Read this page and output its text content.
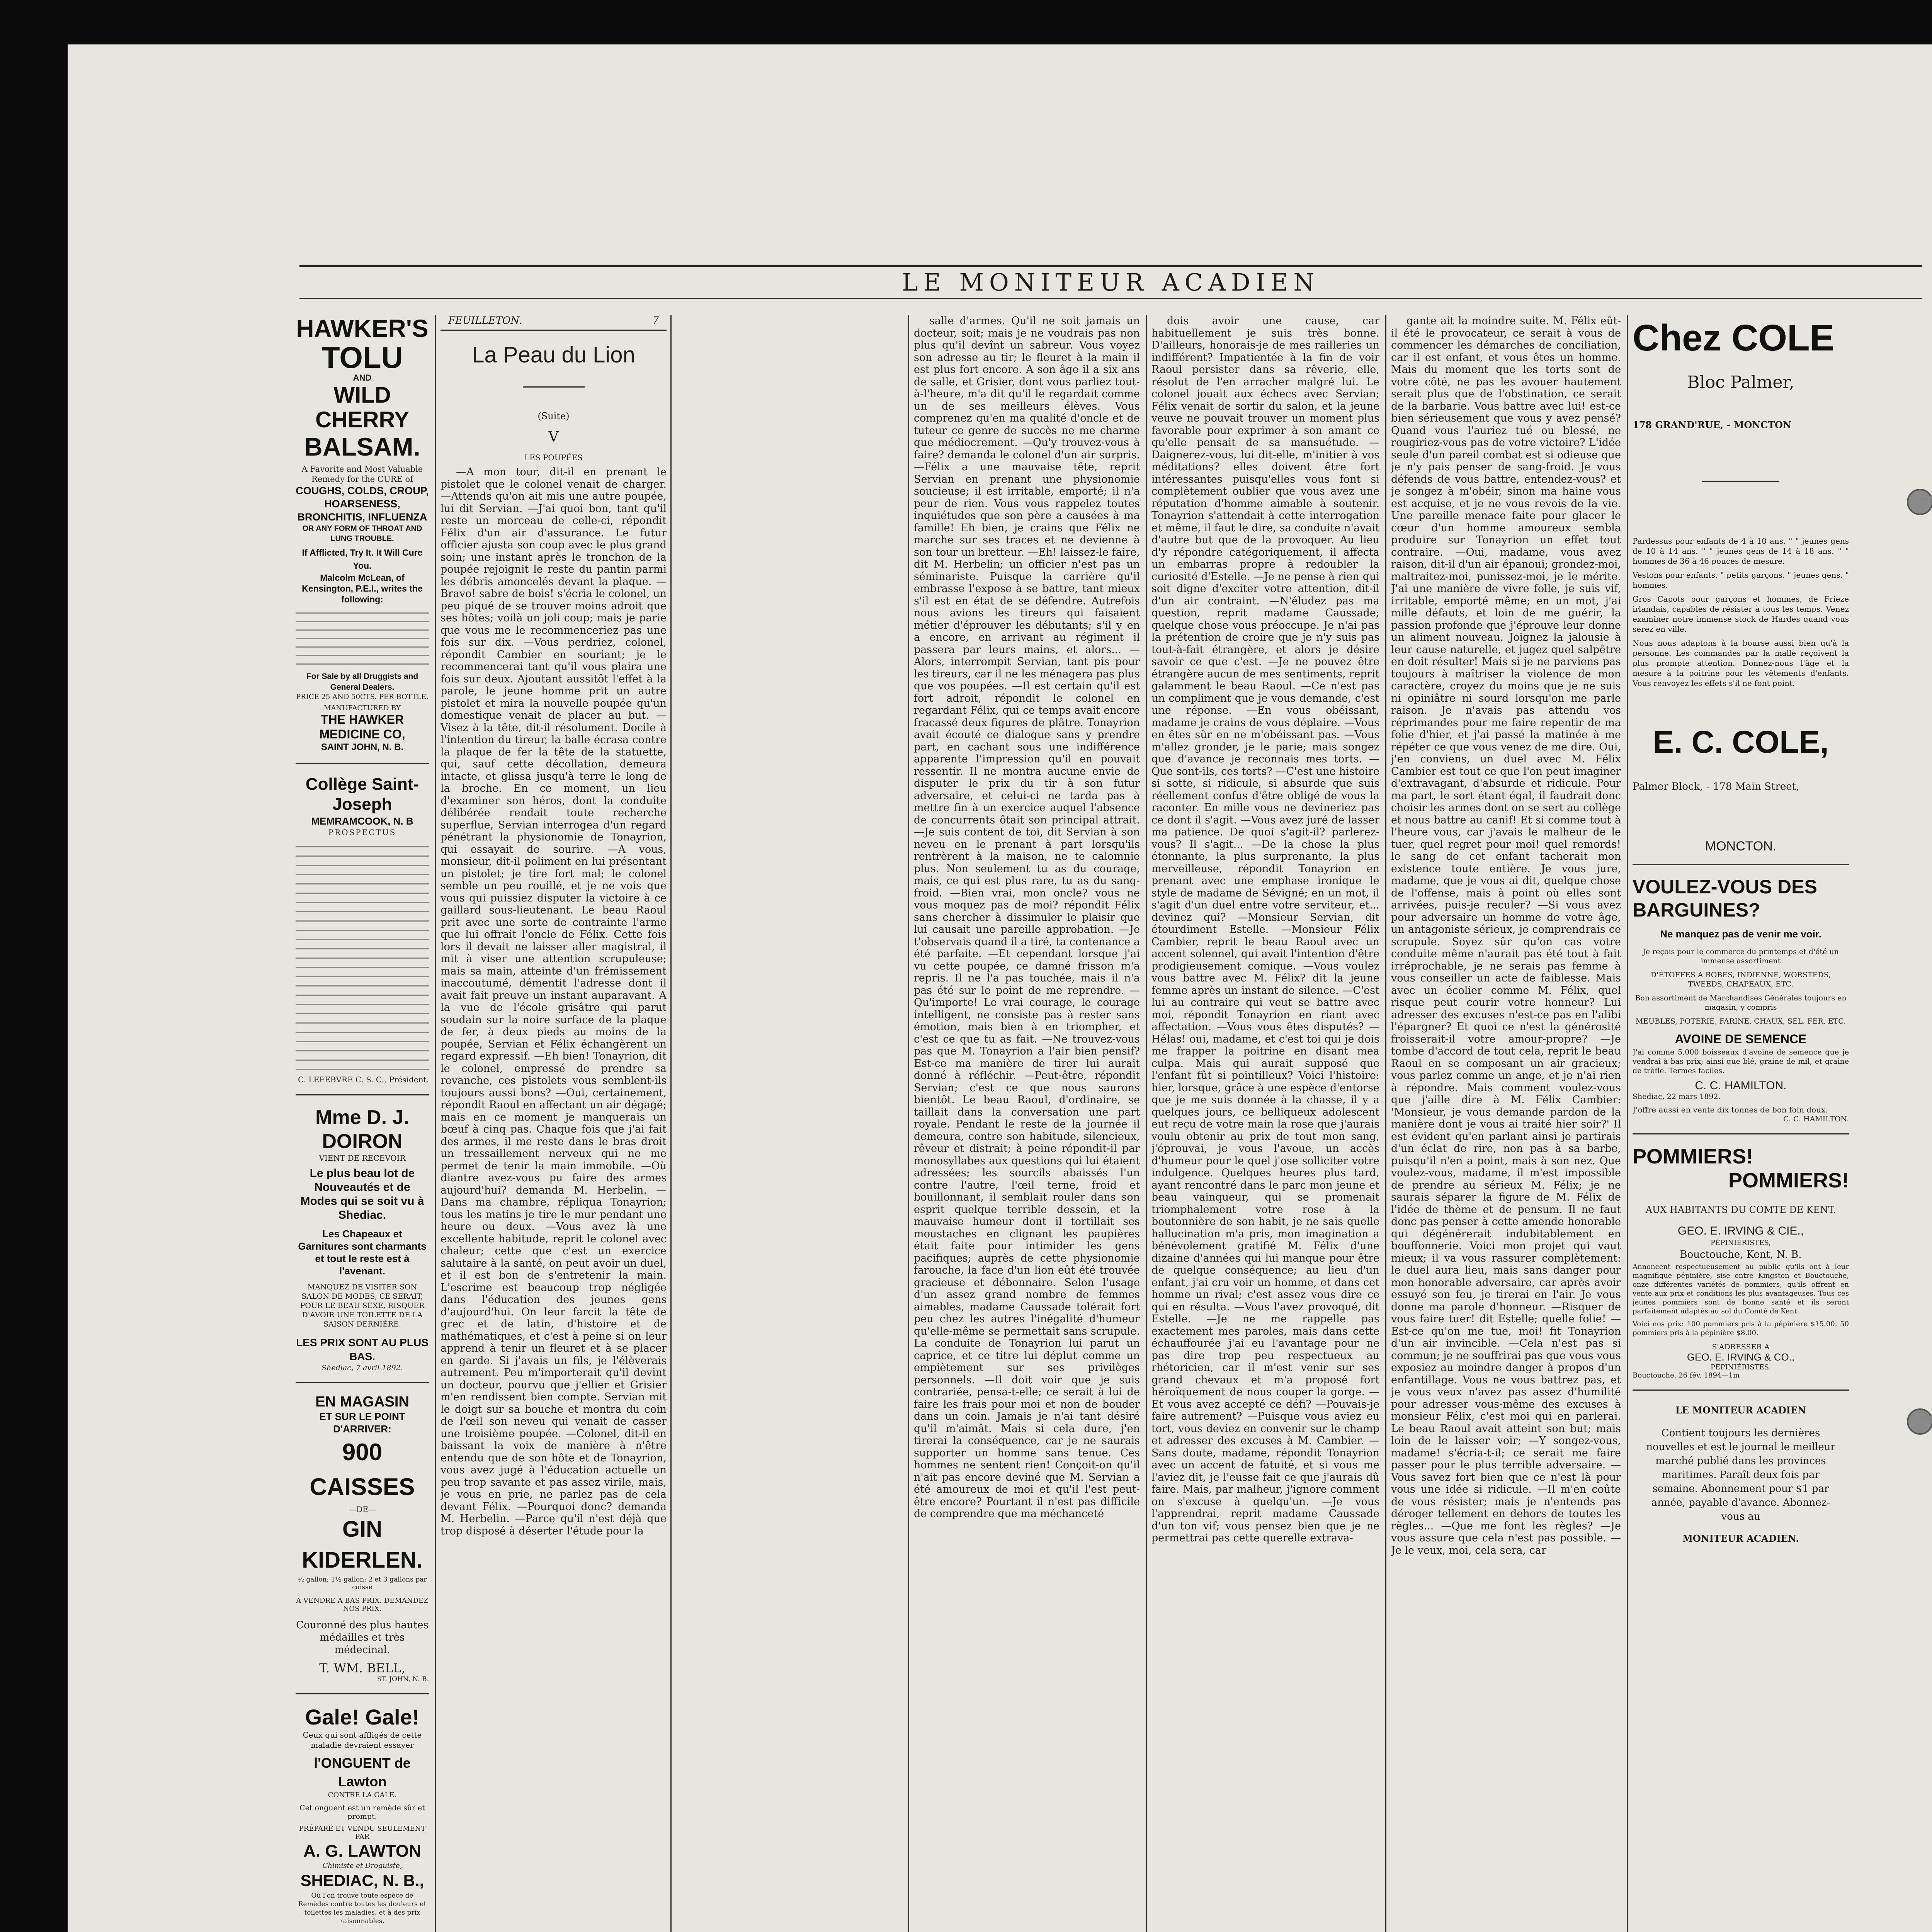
LE MONITEUR ACADIEN
HAWKER'S
TOLU
AND
WILD CHERRY
BALSAM.
A Favorite and Most Valuable Remedy for the CURE of
COUGHS, COLDS, CROUP,
HOARSENESS,
BRONCHITIS, INFLUENZA
OR ANY FORM OF THROAT AND LUNG TROUBLE.
If Afflicted, Try It. It Will Cure You.
Malcolm McLean, of Kensington, P.E.I., writes the following:
For Sale by all Druggists and General Dealers.
PRICE 25 AND 50CTS. PER BOTTLE.
MANUFACTURED BY
THE HAWKER MEDICINE CO,
SAINT JOHN, N. B.
Collège Saint-Joseph
MEMRAMCOOK, N. B
PROSPECTUS
C. LEFEBVRE C. S. C., Président.
Mme D. J. DOIRON
VIENT DE RECEVOIR
Le plus beau lot de Nouveautés et de Modes qui se soit vu à Shediac.
Les Chapeaux et Garnitures sont charmants et tout le reste est à l'avenant.
MANQUEZ DE VISITER SON SALON DE MODES, CE SERAIT, POUR LE BEAU SEXE, RISQUER D'AVOIR UNE TOILETTE DE LA SAISON DERNIÈRE.
LES PRIX SONT AU PLUS BAS.
Shediac, 7 avril 1892.
EN MAGASIN
ET SUR LE POINT D'ARRIVER:
900 CAISSES
—DE—
GIN KIDERLEN.
½ gallon; 1½ gallon; 2 et 3 gallons par caisse
A VENDRE A BAS PRIX. DEMANDEZ NOS PRIX.
Couronné des plus hautes médailles et très médecinal.
T. WM. BELL,
ST. JOHN, N. B.
Gale! Gale!
Ceux qui sont affligés de cette maladie devraient essayer
l'ONGUENT de Lawton
CONTRE LA GALE.
Cet onguent est un remède sûr et prompt.
PRÉPARÉ ET VENDU SEULEMENT PAR
A. G. LAWTON
Chimiste et Droguiste,
SHEDIAC, N. B.,
Où l'on trouve toute espèce de Remèdes contre toutes les douleurs et toilettes les maladies, et à des prix raisonnables.
FEUILLETON.	7
La Peau du Lion
(Suite)
V
LES POUPÉES

—A mon tour, dit-il en prenant le pistolet que le colonel venait de charger. —Attends qu'on ait mis une autre poupée, lui dit Servian. —J'ai quoi bon, tant qu'il reste un morceau de celle-ci, répondit Félix d'un air d'assurance. Le futur officier ajusta son coup avec le plus grand soin; une instant après le tronchon de la poupée rejoignit le reste du pantin parmi les débris amoncelés devant la plaque. —Bravo! sabre de bois! s'écria le colonel, un peu piqué de se trouver moins adroit que ses hôtes; voilà un joli coup; mais je parie que vous me le recommenceriez pas une fois sur dix. —Vous perdriez, colonel, répondit Cambier en souriant; je le recommencerai tant qu'il vous plaira une fois sur deux. Ajoutant aussitôt l'effet à la parole, le jeune homme prit un autre pistolet et mira la nouvelle poupée qu'un domestique venait de placer au but. —Visez à la tête, dit-il résolument. Docile à l'intention du tireur, la balle écrasa contre la plaque de fer la tête de la statuette, qui, sauf cette décollation, demeura intacte, et glissa jusqu'à terre le long de la broche. En ce moment, un lieu d'examiner son héros, dont la conduite délibérée rendait toute recherche superflue, Servian interrogea d'un regard pénétrant la physionomie de Tonayrion, qui essayait de sourire. —A vous, monsieur, dit-il poliment en lui présentant un pistolet; je tire fort mal; le colonel semble un peu rouillé, et je ne vois que vous qui puissiez disputer la victoire à ce gaillard sous-lieutenant. Le beau Raoul prit avec une sorte de contrainte l'arme que lui offrait l'oncle de Félix. Cette fois lors il devait ne laisser aller magistral, il mit à viser une attention scrupuleuse; mais sa main, atteinte d'un frémissement inaccoutumé, démentit l'adresse dont il avait fait preuve un instant auparavant. A la vue de l'école grisâtre qui parut soudain sur la noire surface de la plaque de fer, à deux pieds au moins de la poupée, Servian et Félix échangèrent un regard expressif. —Eh bien! Tonayrion, dit le colonel, empressé de prendre sa revanche, ces pistolets vous semblent-ils toujours aussi bons? —Oui, certainement, répondit Raoul en affectant un air dégagé; mais en ce moment je manquerais un bœuf à cinq pas. Chaque fois que j'ai fait des armes, il me reste dans le bras droit un tressaillement nerveux qui ne me permet de tenir la main immobile. —Où diantre avez-vous pu faire des armes aujourd'hui? demanda M. Herbelin. —Dans ma chambre, répliqua Tonayrion; tous les matins je tire le mur pendant une heure ou deux. —Vous avez là une excellente habitude, reprit le colonel avec chaleur; cette que c'est un exercice salutaire à la santé, on peut avoir un duel, et il est bon de s'entretenir la main. L'escrime est beaucoup trop négligée dans l'éducation des jeunes gens d'aujourd'hui. On leur farcit la tête de grec et de latin, d'histoire et de mathématiques, et c'est à peine si on leur apprend à tenir un fleuret et à se placer en garde. Si j'avais un fils, je l'élèverais autrement. Peu m'importerait qu'il devint un docteur, pourvu que j'ellier et Grisier m'en rendissent bien compte. Servian mit le doigt sur sa bouche et montra du coin de l'œil son neveu qui venait de casser une troisième poupée. —Colonel, dit-il en baissant la voix de manière à n'être entendu que de son hôte et de Tonayrion, vous avez jugé à l'éducation actuelle un peu trop savante et pas assez virile, mais, je vous en prie, ne parlez pas de cela devant Félix. —Pourquoi donc? demanda M. Herbelin. —Parce qu'il n'est déjà que trop disposé à déserter l'étude pour la

salle d'armes. Qu'il ne soit jamais un docteur, soit; mais je ne voudrais pas non plus qu'il devînt un sabreur. Vous voyez son adresse au tir; le fleuret à la main il est plus fort encore. A son âge il a six ans de salle, et Grisier, dont vous parliez tout-à-l'heure, m'a dit qu'il le regardait comme un de ses meilleurs élèves. Vous comprenez qu'en ma qualité d'oncle et de tuteur ce genre de succès ne me charme que médiocrement. —Qu'y trouvez-vous à faire? demanda le colonel d'un air surpris. —Félix a une mauvaise tête, reprit Servian en prenant une physionomie soucieuse; il est irritable, emporté; il n'a peur de rien. Vous vous rappelez toutes inquiétudes que son père a causées à ma famille! Eh bien, je crains que Félix ne marche sur ses traces et ne devienne à son tour un bretteur. —Eh! laissez-le faire, dit M. Herbelin; un officier n'est pas un séminariste. Puisque la carrière qu'il embrasse l'expose à se battre, tant mieux s'il est en état de se défendre. Autrefois nous avions les tireurs qui faisaient métier d'éprouver les débutants; s'il y en a encore, en arrivant au régiment il passera par leurs mains, et alors... —Alors, interrompit Servian, tant pis pour les tireurs, car il ne les ménagera pas plus que vos poupées. —Il est certain qu'il est fort adroit, répondit le colonel en regardant Félix, qui ce temps avait encore fracassé deux figures de plâtre. Tonayrion avait écouté ce dialogue sans y prendre part, en cachant sous une indifférence apparente l'impression qu'il en pouvait ressentir. Il ne montra aucune envie de disputer le prix du tir à son futur adversaire, et celui-ci ne tarda pas à mettre fin à un exercice auquel l'absence de concurrents ôtait son principal attrait. —Je suis content de toi, dit Servian à son neveu en le prenant à part lorsqu'ils rentrèrent à la maison, ne te calomnie plus. Non seulement tu as du courage, mais, ce qui est plus rare, tu as du sang-froid. —Bien vrai, mon oncle? vous ne vous moquez pas de moi? répondit Félix sans chercher à dissimuler le plaisir que lui causait une pareille approbation. —Je t'observais quand il a tiré, ta contenance a été parfaite. —Et cependant lorsque j'ai vu cette poupée, ce damné frisson m'a repris. Il ne l'a pas touchée, mais il n'a pas été sur le point de me reprendre. —Qu'importe! Le vrai courage, le courage intelligent, ne consiste pas à rester sans émotion, mais bien à en triompher, et c'est ce que tu as fait. —Ne trouvez-vous pas que M. Tonayrion a l'air bien pensif? Est-ce ma manière de tirer lui aurait donné à réfléchir. —Peut-être, répondit Servian; c'est ce que nous saurons bientôt. Le beau Raoul, d'ordinaire, se taillait dans la conversation une part royale. Pendant le reste de la journée il demeura, contre son habitude, silencieux, rêveur et distrait; à peine répondit-il par monosyllabes aux questions qui lui étaient adressées; les sourcils abaissés l'un contre l'autre, l'œil terne, froid et bouillonnant, il semblait rouler dans son esprit quelque terrible dessein, et la mauvaise humeur dont il tortillait ses moustaches en clignant les paupières était faite pour intimider les gens pacifiques; auprès de cette physionomie farouche, la face d'un lion eût été trouvée gracieuse et débonnaire. Selon l'usage d'un assez grand nombre de femmes aimables, madame Caussade tolérait fort peu chez les autres l'inégalité d'humeur qu'elle-même se permettait sans scrupule. La conduite de Tonayrion lui parut un caprice, et ce titre lui déplut comme un empiètement sur ses privilèges personnels. —Il doit voir que je suis contrariée, pensa-t-elle; ce serait à lui de faire les frais pour moi et non de bouder dans un coin. Jamais je n'ai tant désiré qu'il m'aimât. Mais si cela dure, j'en tirerai la conséquence, car je ne saurais supporter un homme sans tenue. Ces hommes ne sentent rien! Conçoit-on qu'il n'ait pas encore deviné que M. Servian a été amoureux de moi et qu'il l'est peut-être encore? Pourtant il n'est pas difficile de comprendre que ma méchanceté

dois avoir une cause, car habituellement je suis très bonne. D'ailleurs, honorais-je de mes railleries un indifférent? Impatientée à la fin de voir Raoul persister dans sa rêverie, elle, résolut de l'en arracher malgré lui. Le colonel jouait aux échecs avec Servian; Félix venait de sortir du salon, et la jeune veuve ne pouvait trouver un moment plus favorable pour exprimer à son amant ce qu'elle pensait de sa mansuétude. —Daignerez-vous, lui dit-elle, m'initier à vos méditations? elles doivent être fort intéressantes puisqu'elles vous font si complètement oublier que vous avez une réputation d'homme aimable à soutenir. Tonayrion s'attendait à cette interrogation et même, il faut le dire, sa conduite n'avait d'autre but que de la provoquer. Au lieu d'y répondre catégoriquement, il affecta un embarras propre à redoubler la curiosité d'Estelle. —Je ne pense à rien qui soit digne d'exciter votre attention, dit-il d'un air contraint. —N'éludez pas ma question, reprit madame Caussade; quelque chose vous préoccupe. Je n'ai pas la prétention de croire que je n'y suis pas tout-à-fait étrangère, et alors je désire savoir ce que c'est. —Je ne pouvez être étrangère aucun de mes sentiments, reprit galamment le beau Raoul. —Ce n'est pas un compliment que je vous demande, c'est une réponse. —En vous obéissant, madame je crains de vous déplaire. —Vous en êtes sûr en ne m'obéissant pas. —Vous m'allez gronder, je le parie; mais songez que d'avance je reconnais mes torts. —Que sont-ils, ces torts? —C'est une histoire si sotte, si ridicule, si absurde que suis réellement confus d'être obligé de vous la raconter. En mille vous ne devineriez pas ce dont il s'agit. —Vous avez juré de lasser ma patience. De quoi s'agit-il? parlerez-vous? Il s'agit... —De la chose la plus étonnante, la plus surprenante, la plus merveilleuse, répondit Tonayrion en prenant avec une emphase ironique le style de madame de Sévigné; en un mot, il s'agit d'un duel entre votre serviteur, et... devinez qui? —Monsieur Servian, dit étourdiment Estelle. —Monsieur Félix Cambier, reprit le beau Raoul avec un accent solennel, qui avait l'intention d'être prodigieusement comique. —Vous voulez vous battre avec M. Félix? dit la jeune femme après un instant de silence. —C'est lui au contraire qui veut se battre avec moi, répondit Tonayrion en riant avec affectation. —Vous vous êtes disputés? —Hélas! oui, madame, et c'est toi qui je dois me frapper la poitrine en disant mea culpa. Mais qui aurait supposé que l'enfant fût si pointilleux? Voici l'histoire: hier, lorsque, grâce à une espèce d'entorse que je me suis donnée à la chasse, il y a quelques jours, ce belliqueux adolescent eut reçu de votre main la rose que j'aurais voulu obtenir au prix de tout mon sang, j'éprouvai, je vous l'avoue, un accès d'humeur pour le quel j'ose solliciter votre indulgence. Quelques heures plus tard, ayant rencontré dans le parc mon jeune et beau vainqueur, qui se promenait triomphalement votre rose à la boutonnière de son habit, je ne sais quelle hallucination m'a pris, mon imagination a bénévolement gratifié M. Félix d'une dizaine d'années qui lui manque pour être de quelque conséquence; au lieu d'un enfant, j'ai cru voir un homme, et dans cet homme un rival; c'est assez vous dire ce qui en résulta. —Vous l'avez provoqué, dit Estelle. —Je ne me rappelle pas exactement mes paroles, mais dans cette échauffourée j'ai eu l'avantage pour ne pas dire trop peu respectueux au rhétoricien, car il m'est venir sur ses grand chevaux et m'a proposé fort héroïquement de nous couper la gorge. —Et vous avez accepté ce défi? —Pouvais-je faire autrement? —Puisque vous aviez eu tort, vous deviez en convenir sur le champ et adresser des excuses à M. Cambier. —Sans doute, madame, répondit Tonayrion avec un accent de fatuité, et si vous me l'aviez dit, je l'eusse fait ce que j'aurais dû faire. Mais, par malheur, j'ignore comment on s'excuse à quelqu'un. —Je vous l'apprendrai, reprit madame Caussade d'un ton vif; vous pensez bien que je ne permettrai pas cette querelle extrava-

gante ait la moindre suite. M. Félix eût-il été le provocateur, ce serait à vous de commencer les démarches de conciliation, car il est enfant, et vous êtes un homme. Mais du moment que les torts sont de votre côté, ne pas les avouer hautement serait plus que de l'obstination, ce serait de la barbarie. Vous battre avec lui! est-ce bien sérieusement que vous y avez pensé? Quand vous l'auriez tué ou blessé, ne rougiriez-vous pas de votre victoire? L'idée seule d'un pareil combat est si odieuse que je n'y pais penser de sang-froid. Je vous défends de vous battre, entendez-vous? et je songez à m'obéir, sinon ma haine vous est acquise, et je ne vous revois de la vie. Une pareille menace faite pour glacer le cœur d'un homme amoureux sembla produire sur Tonayrion un effet tout contraire. —Oui, madame, vous avez raison, dit-il d'un air épanoui; grondez-moi, maltraitez-moi, punissez-moi, je le mérite. J'ai une manière de vivre folle, je suis vif, irritable, emporté même; en un mot, j'ai mille défauts, et loin de me guérir, la passion profonde que j'éprouve leur donne un aliment nouveau. Joignez la jalousie à leur cause naturelle, et jugez quel salpêtre en doit résulter! Mais si je ne parviens pas toujours à maîtriser la violence de mon caractère, croyez du moins que je ne suis ni opiniâtre ni sourd lorsqu'on me parle raison. Je n'avais pas attendu vos réprimandes pour me faire repentir de ma folie d'hier, et j'ai passé la matinée à me répéter ce que vous venez de me dire. Oui, j'en conviens, un duel avec M. Félix Cambier est tout ce que l'on peut imaginer d'extravagant, d'absurde et ridicule. Pour ma part, le sort étant égal, il faudrait donc choisir les armes dont on se sert au collège et nous battre au canif! Et si comme tout à l'heure vous, car j'avais le malheur de le tuer, quel regret pour moi! quel remords! le sang de cet enfant tacherait mon existence toute entière. Je vous jure, madame, que je vous ai dit, quelque chose de l'offense, mais à point où elles sont arrivées, puis-je reculer? —Si vous avez pour adversaire un homme de votre âge, un antagoniste sérieux, je comprendrais ce scrupule. Soyez sûr qu'on cas votre conduite même n'aurait pas été tout à fait irréprochable, je ne serais pas femme à vous conseiller un acte de faiblesse. Mais avec un écolier comme M. Félix, quel risque peut courir votre honneur? Lui adresser des excuses n'est-ce pas en l'alibi l'épargner? Et quoi ce n'est la générosité froisserait-il votre amour-propre? —Je tombe d'accord de tout cela, reprit le beau Raoul en se composant un air gracieux; vous parlez comme un ange, et je n'ai rien à répondre. Mais comment voulez-vous que j'aille dire à M. Félix Cambier: 'Monsieur, je vous demande pardon de la manière dont je vous ai traité hier soir?' Il est évident qu'en parlant ainsi je partirais d'un éclat de rire, non pas à sa barbe, puisqu'il n'en a point, mais à son nez. Que voulez-vous, madame, il m'est impossible de prendre au sérieux M. Félix; je ne saurais séparer la figure de M. Félix de l'idée de thème et de pensum. Il ne faut donc pas penser à cette amende honorable qui dégénérerait indubitablement en bouffonnerie. Voici mon projet qui vaut mieux; il va vous rassurer complètement: le duel aura lieu, mais sans danger pour mon honorable adversaire, car après avoir essuyé son feu, je tirerai en l'air. Je vous donne ma parole d'honneur. —Risquer de vous faire tuer! dit Estelle; quelle folie! —Est-ce qu'on me tue, moi! fit Tonayrion d'un air invincible. —Cela n'est pas si commun; je ne souffrirai pas que vous vous exposiez au moindre danger à propos d'un enfantillage. Vous ne vous battrez pas, et je vous veux n'avez pas assez d'humilité pour adresser vous-même des excuses à monsieur Félix, c'est moi qui en parlerai. Le beau Raoul avait atteint son but; mais loin de le laisser voir; —Y songez-vous, madame! s'écria-t-il; ce serait me faire passer pour le plus terrible adversaire. —Vous savez fort bien que ce n'est là pour vous une idée si ridicule. —Il m'en coûte de vous résister; mais je n'entends pas déroger tellement en dehors de toutes les règles... —Que me font les règles? —Je vous assure que cela n'est pas possible. —Je le veux, moi, cela sera, car

Chez COLE
Bloc Palmer,
178 GRAND'RUE, - MONCTON
Pardessus pour enfants de 4 à 10 ans. " " jeunes gens de 10 à 14 ans. " " jeunes gens de 14 à 18 ans. " " hommes de 36 à 46 pouces de mesure.
Vestons pour enfants. " petits garçons. " jeunes gens. " hommes.
Gros Capots pour garçons et hommes, de Frieze irlandais, capables de résister à tous les temps. Venez examiner notre immense stock de Hardes quand vous serez en ville.
Nous nous adaptons à la bourse aussi bien qu'à la personne. Les commandes par la malle reçoivent la plus prompte attention. Donnez-nous l'âge et la mesure à la poitrine pour les vêtements d'enfants. Vous renvoyez les effets s'il ne font point.
E. C. COLE,
Palmer Block, - 178 Main Street,
MONCTON.
VOULEZ-VOUS DES BARGUINES?
Ne manquez pas de venir me voir.
Je reçois pour le commerce du printemps et d'été un immense assortiment
D'ÉTOFFES A ROBES, INDIENNE, WORSTEDS, TWEEDS, CHAPEAUX, ETC.
Bon assortiment de Marchandises Générales toujours en magasin, y compris
MEUBLES, POTERIE, FARINE, CHAUX, SEL, FER, ETC.
AVOINE DE SEMENCE
J'ai comme 5,000 boisseaux d'avoine de semence que je vendrai à bas prix; ainsi que blé, graine de mil, et graine de trèfle. Termes faciles.
C. C. HAMILTON.
Shediac, 22 mars 1892.
J'offre aussi en vente dix tonnes de bon foin doux.
C. C. HAMILTON.
POMMIERS!
POMMIERS!
AUX HABITANTS DU COMTE DE KENT.
GEO. E. IRVING & CIE.,
PÉPINIÉRISTES,
Bouctouche, Kent, N. B.
Annoncent respectueusement au public qu'ils ont à leur magnifique pépinière, sise entre Kingston et Bouctouche, onze différentes variétés de pommiers, qu'ils offrent en vente aux prix et conditions les plus avantageuses. Tous ces jeunes pommiers sont de bonne santé et ils seront parfaitement adaptés au sol du Comté de Kent.
Voici nos prix: 100 pommiers pris à la pépinière $15.00. 50 pommiers pris à la pépinière $8.00.
S'ADRESSER A
GEO. E. IRVING & CO.,
PÉPINIÉRISTES.
Bouctouche, 26 fév. 1894—1m
LE MONITEUR ACADIEN
Contient toujours les dernières nouvelles et est le journal le meilleur marché publié dans les provinces maritimes. Paraît deux fois par semaine. Abonnement pour $1 par année, payable d'avance. Abonnez-vous au
MONITEUR ACADIEN.
